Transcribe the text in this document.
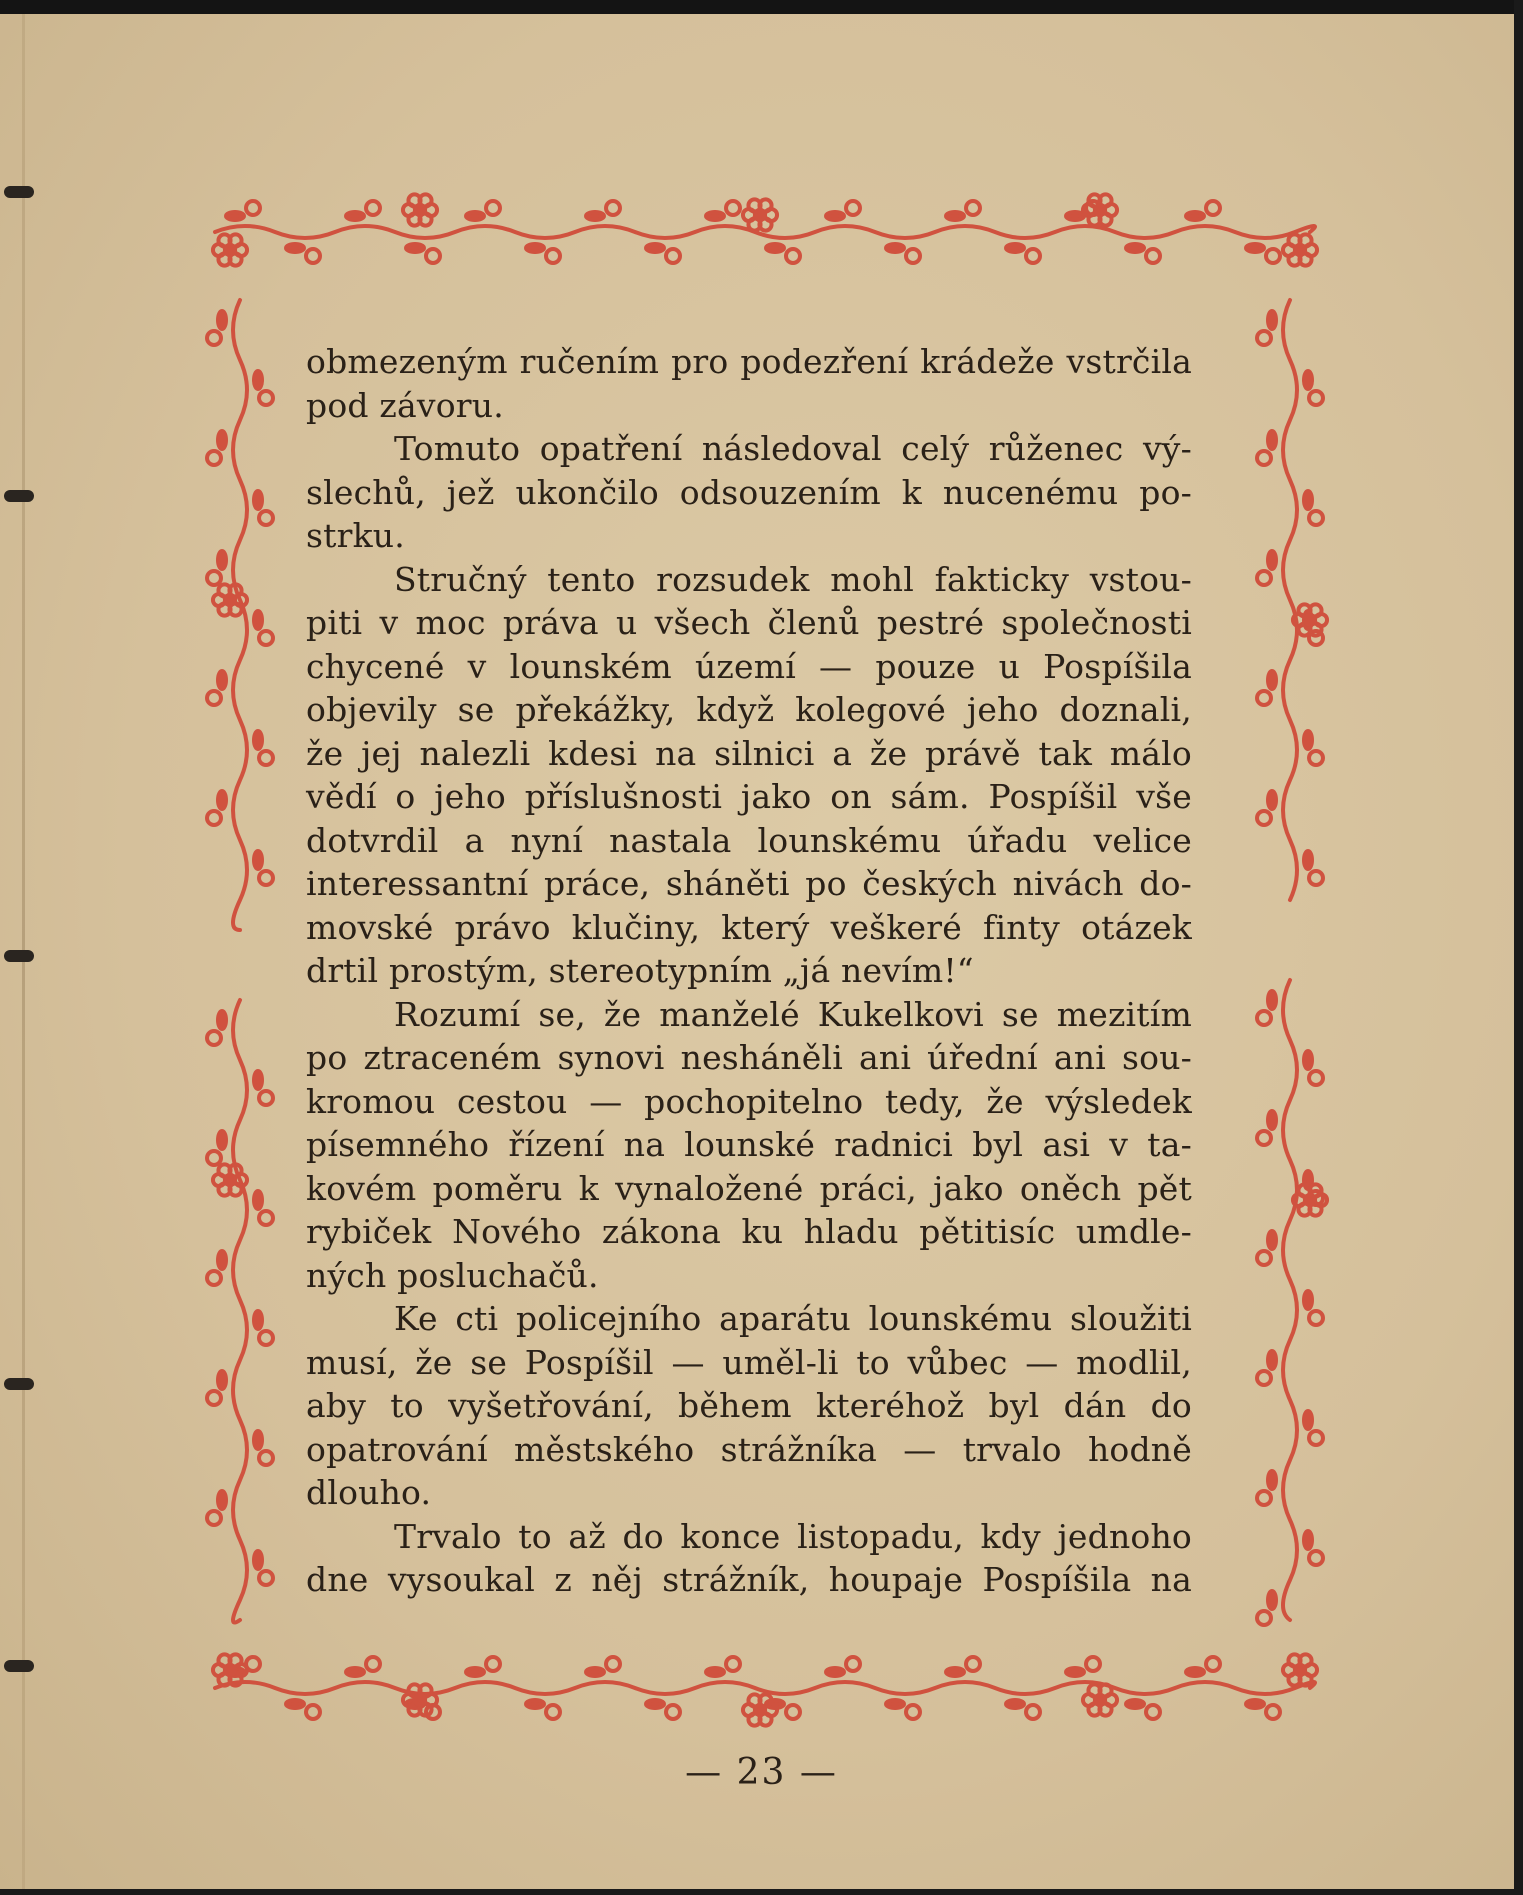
obmezeným ručením pro podezření krádeže vstrčila
pod závoru.
Tomuto opatření následoval celý růženec vý-
slechů, jež ukončilo odsouzením k nucenému po-
strku.
Stručný tento rozsudek mohl fakticky vstou-
piti v moc práva u všech členů pestré společnosti
chycené v lounském území — pouze u Pospíšila
objevily se překážky, když kolegové jeho doznali,
že jej nalezli kdesi na silnici a že právě tak málo
vědí o jeho příslušnosti jako on sám. Pospíšil vše
dotvrdil a nyní nastala lounskému úřadu velice
interessantní práce, sháněti po českých nivách do-
movské právo klučiny, který veškeré finty otázek
drtil prostým, stereotypním „já nevím!“
Rozumí se, že manželé Kukelkovi se mezitím
po ztraceném synovi nesháněli ani úřední ani sou-
kromou cestou — pochopitelno tedy, že výsledek
písemného řízení na lounské radnici byl asi v ta-
kovém poměru k vynaložené práci, jako oněch pět
rybiček Nového zákona ku hladu pětitisíc umdle-
ných posluchačů.
Ke cti policejního aparátu lounskému sloužiti
musí, že se Pospíšil — uměl-li to vůbec — modlil,
aby to vyšetřování, během kteréhož byl dán do
opatrování městského strážníka — trvalo hodně
dlouho.
Trvalo to až do konce listopadu, kdy jednoho
dne vysoukal z něj strážník, houpaje Pospíšila na
— 23 —
